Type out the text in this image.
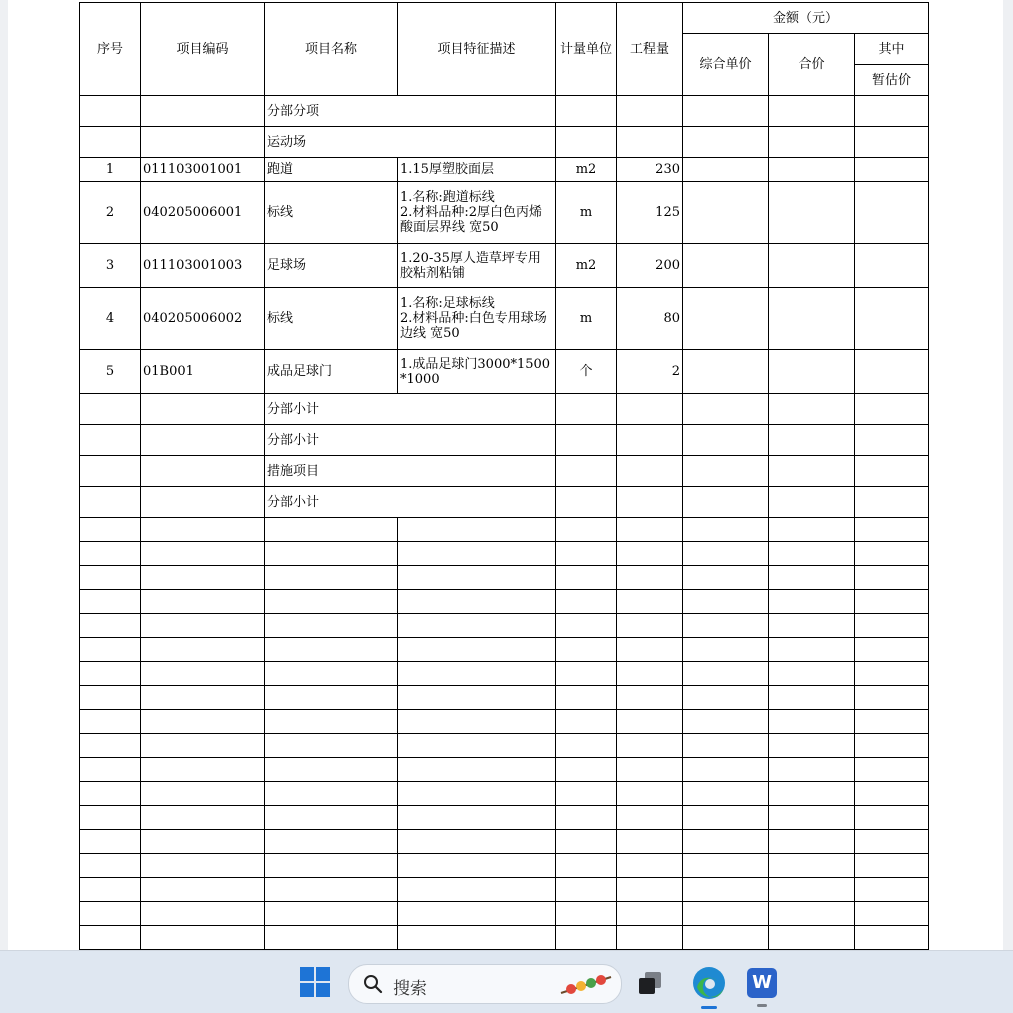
序号	项目编码	项目名称	项目特征描述	计量单位	工程量	金额（元）		
						综合单价	合价	其中
								暂估价
		分部分项						
		运动场						
1	011103001001	跑道	1.15厚塑胶面层	m2	230			
2	040205006001	标线	1.名称:跑道标线
2.材料品种:2厚白色丙烯酸面层界线 宽50	m	125			
3	011103001003	足球场	1.20-35厚人造草坪专用胶粘剂粘铺	m2	200			
4	040205006002	标线	1.名称:足球标线
2.材料品种:白色专用球场边线 宽50	m	80			
5	01B001	成品足球门	1.成品足球门3000*1500*1000	个	2			
		分部小计						
		分部小计						
		措施项目						
		分部小计						

搜索	W
